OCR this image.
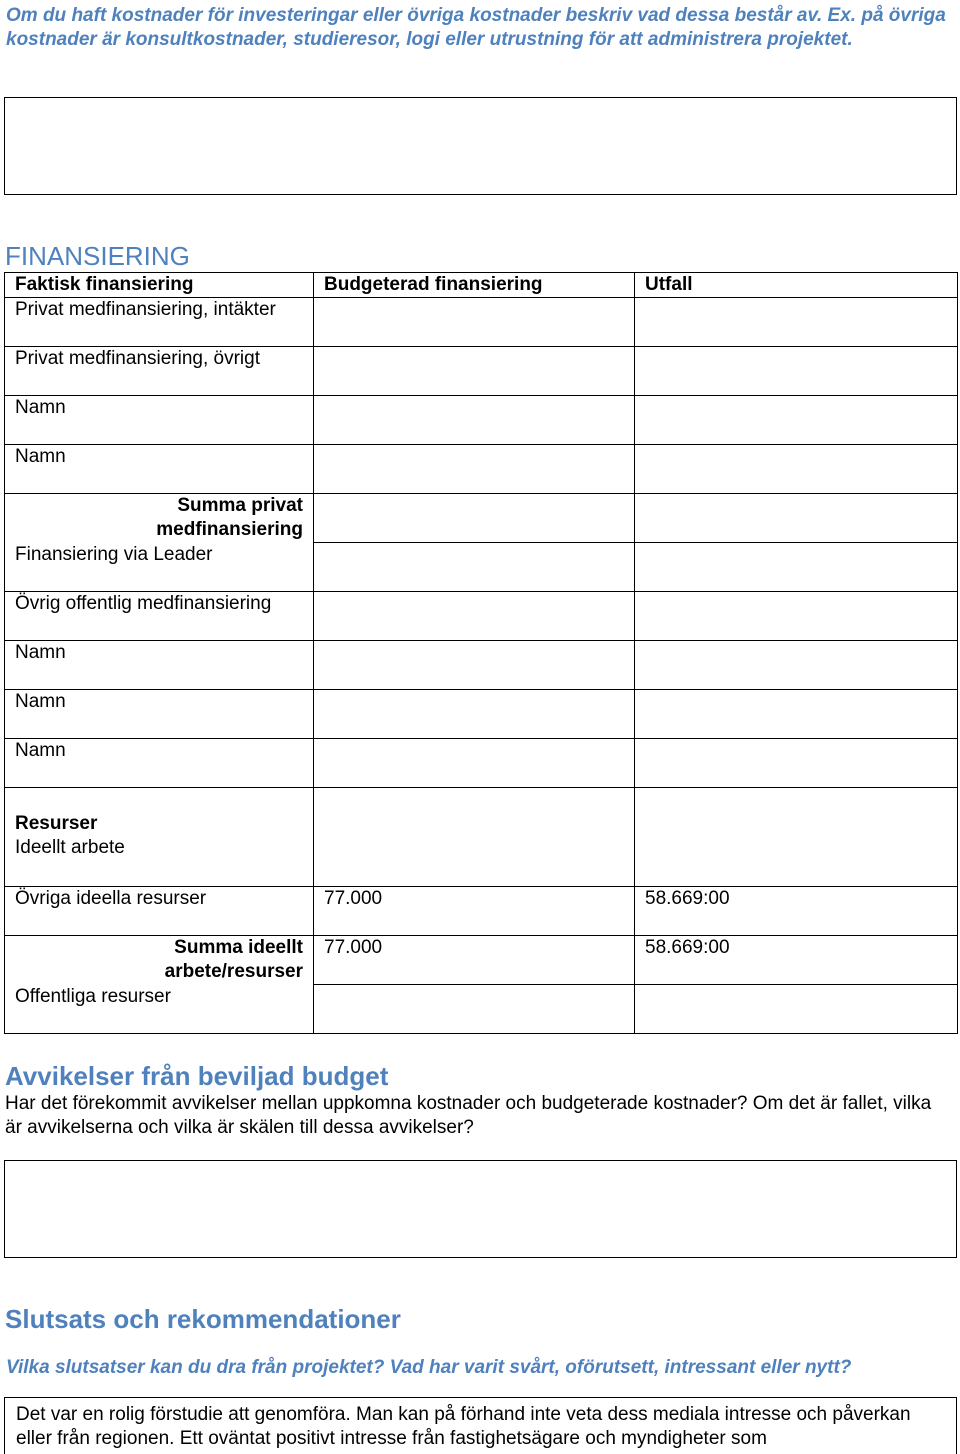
Om du haft kostnader för investeringar eller övriga kostnader beskriv vad dessa består av. Ex. på övriga kostnader är konsultkostnader, studieresor, logi eller utrustning för att administrera projektet.
FINANSIERING
Faktisk finansiering	Budgeterad finansiering	Utfall
Privat medfinansiering, intäkter		
Privat medfinansiering, övrigt		
Namn		
Namn		

Summa privat medfinansiering		

Finansiering via Leader		
Övrig offentlig medfinansiering		
Namn		
Namn		
Namn		

Resurser
Ideellt arbete		

Övriga ideella resurser	77.000	58.669:00

Summa ideellt arbete/resurser	77.000	58.669:00
Offentliga resurser		
Avvikelser från beviljad budget
Har det förekommit avvikelser mellan uppkomna kostnader och budgeterade kostnader? Om det är fallet, vilka är avvikelserna och vilka är skälen till dessa avvikelser?
Slutsats och rekommendationer
Vilka slutsatser kan du dra från projektet? Vad har varit svårt, oförutsett, intressant eller nytt?
Det var en rolig förstudie att genomföra. Man kan på förhand inte veta dess mediala intresse och påverkan eller från regionen. Ett oväntat positivt intresse från fastighetsägare och myndigheter som
